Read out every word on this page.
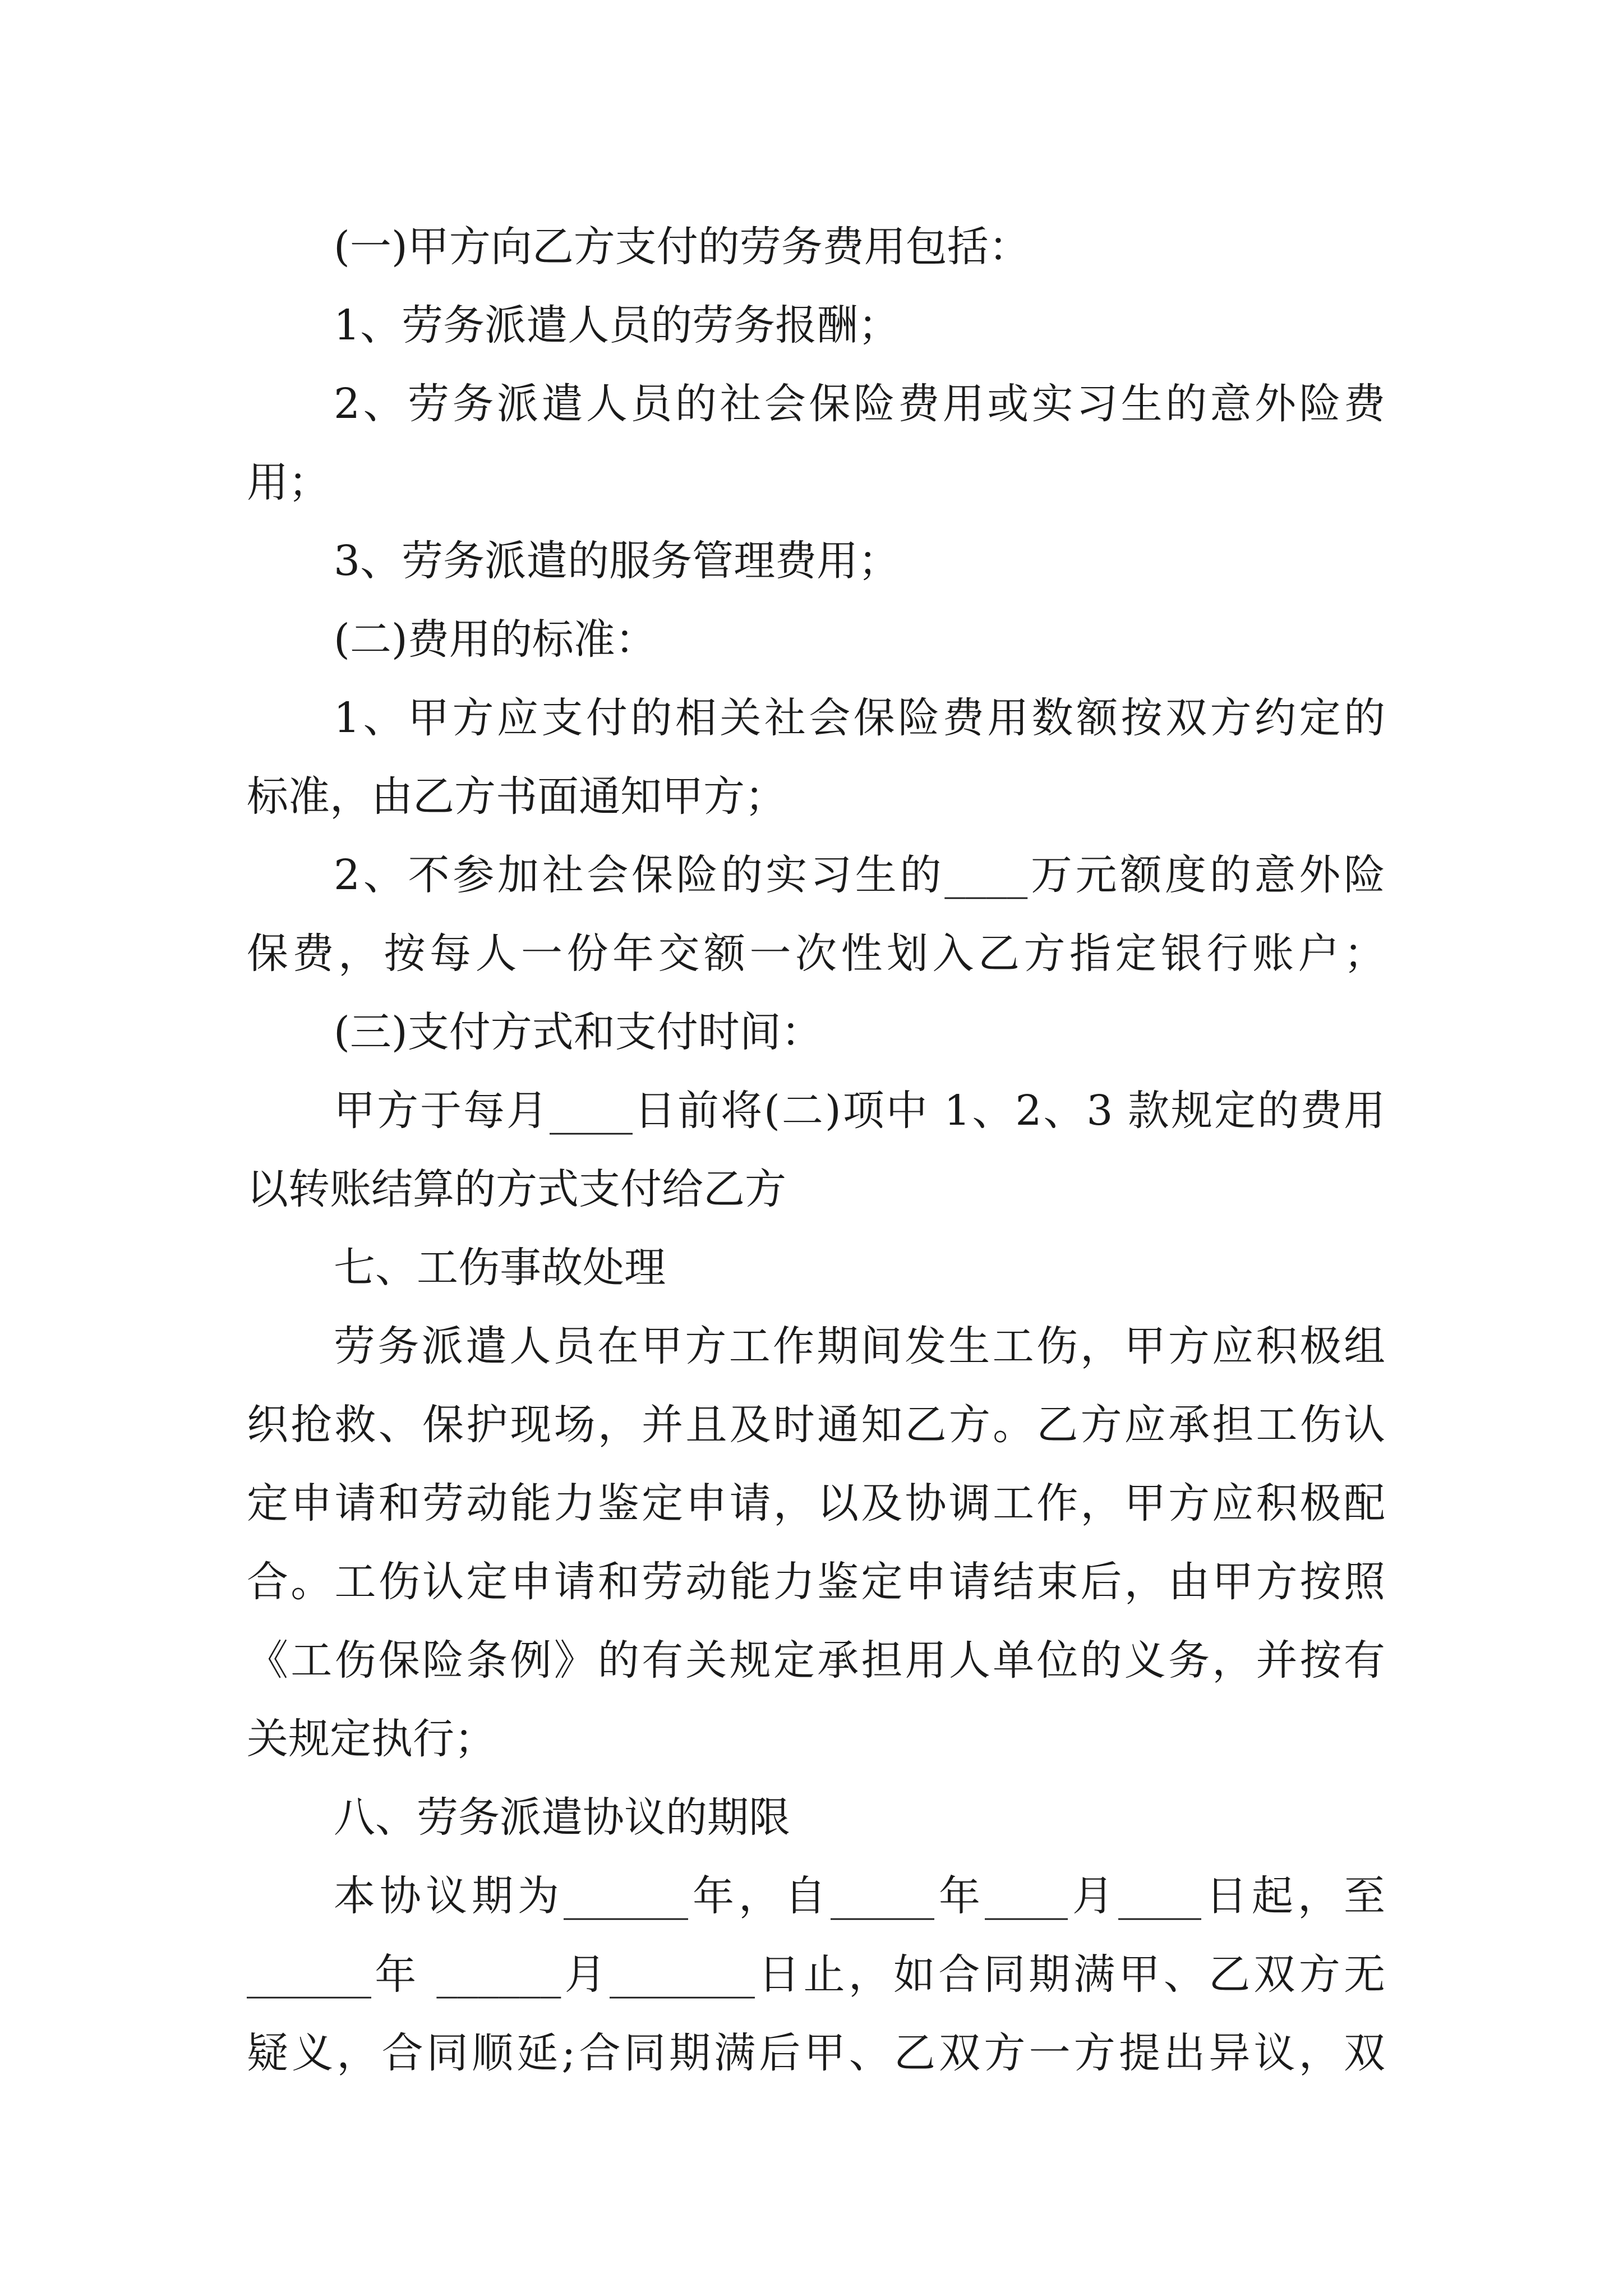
(一)甲方向乙方支付的劳务费用包括：
1、劳务派遣人员的劳务报酬；
2、劳务派遣人员的社会保险费用或实习生的意外险费
用；
3、劳务派遣的服务管理费用；
(二)费用的标准：
1、甲方应支付的相关社会保险费用数额按双方约定的
标准，由乙方书面通知甲方；
2、不参加社会保险的实习生的____万元额度的意外险
保费，按每人一份年交额一次性划入乙方指定银行账户；
(三)支付方式和支付时间：
甲方于每月____日前将(二)项中 1、2、3 款规定的费用
以转账结算的方式支付给乙方
七、工伤事故处理
劳务派遣人员在甲方工作期间发生工伤，甲方应积极组
织抢救、保护现场，并且及时通知乙方。乙方应承担工伤认
定申请和劳动能力鉴定申请，以及协调工作，甲方应积极配
合。工伤认定申请和劳动能力鉴定申请结束后，由甲方按照
《工伤保险条例》的有关规定承担用人单位的义务，并按有
关规定执行；
八、劳务派遣协议的期限
本协议期为______年，自_____年____月____日起，至
______年 ______月_______日止，如合同期满甲、乙双方无
疑义，合同顺延;合同期满后甲、乙双方一方提出异议，双
